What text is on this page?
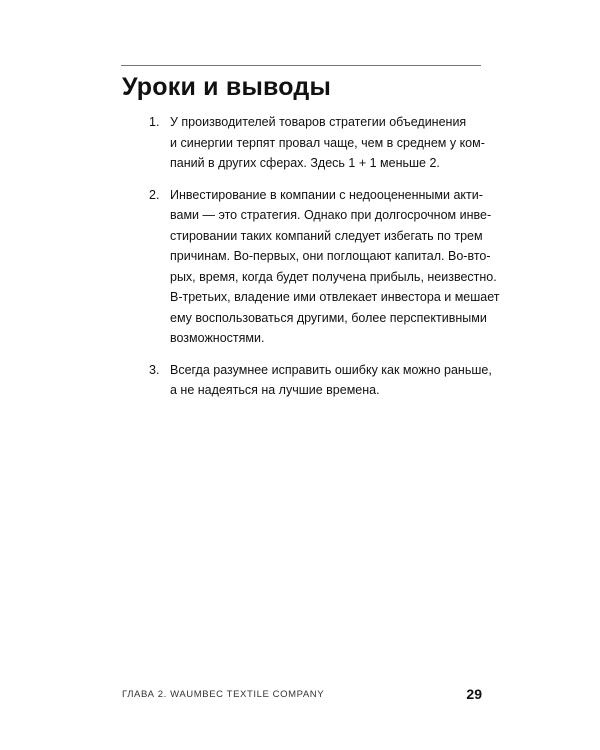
Уроки и выводы
1. У производителей товаров стратегии объединения
и синергии терпят провал чаще, чем в среднем у ком-
паний в других сферах. Здесь 1 + 1 меньше 2.
2. Инвестирование в компании с недооцененными акти-
вами — это стратегия. Однако при долгосрочном инве-
стировании таких компаний следует избегать по трем
причинам. Во-первых, они поглощают капитал. Во-вто-
рых, время, когда будет получена прибыль, неизвестно.
В-третьих, владение ими отвлекает инвестора и мешает
ему воспользоваться другими, более перспективными
возможностями.
3. Всегда разумнее исправить ошибку как можно раньше,
а не надеяться на лучшие времена.
ГЛАВА 2. WAUMBEC TEXTILE COMPANY	29
